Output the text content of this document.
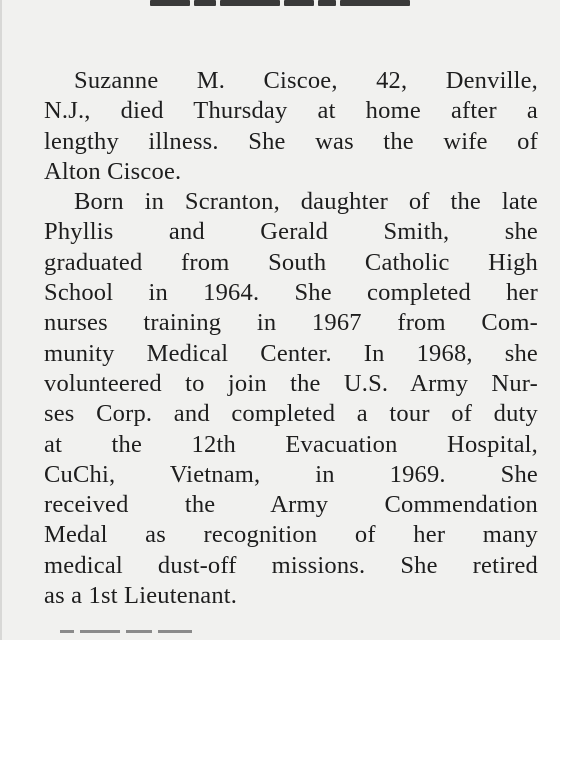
Suzanne M. Ciscoe, 42, Denville,
N.J., died Thursday at home after a
lengthy illness. She was the wife of
Alton Ciscoe.
Born in Scranton, daughter of the late
Phyllis and Gerald Smith, she
graduated from South Catholic High
School in 1964. She completed her
nurses training in 1967 from Com-
munity Medical Center. In 1968, she
volunteered to join the U.S. Army Nur-
ses Corp. and completed a tour of duty
at the 12th Evacuation Hospital,
CuChi, Vietnam, in 1969. She
received the Army Commendation
Medal as recognition of her many
medical dust-off missions. She retired
as a 1st Lieutenant.
